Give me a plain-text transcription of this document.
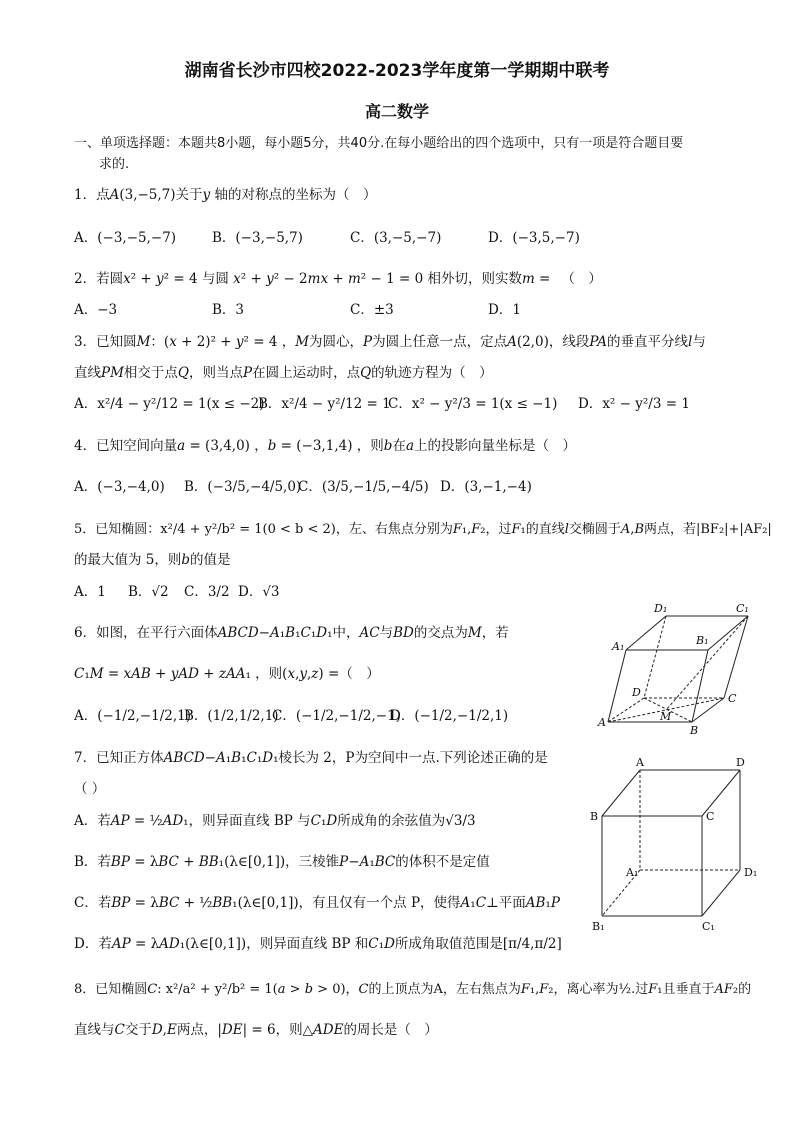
湖南省长沙市四校2022-2023学年度第一学期期中联考
高二数学
一、单项选择题：本题共8小题，每小题5分，共40分.在每小题给出的四个选项中，只有一项是符合题目要
求的.
1．点A(3,−5,7)关于y 轴的对称点的坐标为（　）
A．(−3,−5,−7)	B．(−3,−5,7)	C．(3,−5,−7)	D．(−3,5,−7)
2．若圆x² + y² = 4 与圆 x² + y² − 2mx + m² − 1 = 0 相外切，则实数m = 　（　）
A．−3	B．3	C．±3	D．1
3．已知圆M：(x + 2)² + y² = 4 ，M为圆心，P为圆上任意一点，定点A(2,0)，线段PA的垂直平分线l与
直线PM相交于点Q，则当点P在圆上运动时，点Q的轨迹方程为（　）
A．x²/4 − y²/12 = 1(x ≤ −2)
B．x²/4 − y²/12 = 1
C．x² − y²/3 = 1(x ≤ −1) D．x² − y²/3 = 1
4．已知空间向量a = (3,4,0) ，b = (−3,1,4) ，则b在a上的投影向量坐标是（　）
A．(−3,−4,0) B．(−3/5,−4/5,0)
C．(3/5,−1/5,−4/5) D．(3,−1,−4)
5．已知椭圆：x²/4 + y²/b² = 1(0 < b < 2)，左、右焦点分别为F₁,F₂，过F₁的直线l交椭圆于A,B两点，若|BF₂|+|AF₂|
的最大值为 5，则b的值是
A．1 B．√2 C．3/2 D．√3
6．如图，在平行六面体ABCD−A₁B₁C₁D₁中，AC与BD的交点为M，若
C₁M = xAB + yAD + zAA₁ ，则(x,y,z) =（　）
A．(−1/2,−1/2,1)
B．(1/2,1/2,1)
C．(−1/2,−1/2,−1)
D．(−1/2,−1/2,1)
D₁	C₁
A₁	B₁
D	C
A	M
B
7．已知正方体ABCD−A₁B₁C₁D₁棱长为 2，P为空间中一点.下列论述正确的是
（ ）
A．若AP = ½AD₁，则异面直线 BP 与C₁D所成角的余弦值为√3/3
B．若BP = λBC + BB₁(λ∈[0,1])，三棱锥P−A₁BC的体积不是定值
C．若BP = λBC + ½BB₁(λ∈[0,1])，有且仅有一个点 P，使得A₁C⊥平面AB₁P
D．若AP = λAD₁(λ∈[0,1])，则异面直线 BP 和C₁D所成角取值范围是[π/4,π/2]
A	D
B	C
A₁	D₁
B₁	C₁
8．已知椭圆C: x²/a² + y²/b² = 1(a > b > 0)，C的上顶点为A，左右焦点为F₁,F₂，离心率为½.过F₁且垂直于AF₂的
直线与C交于D,E两点，|DE| = 6，则△ADE的周长是（　）
